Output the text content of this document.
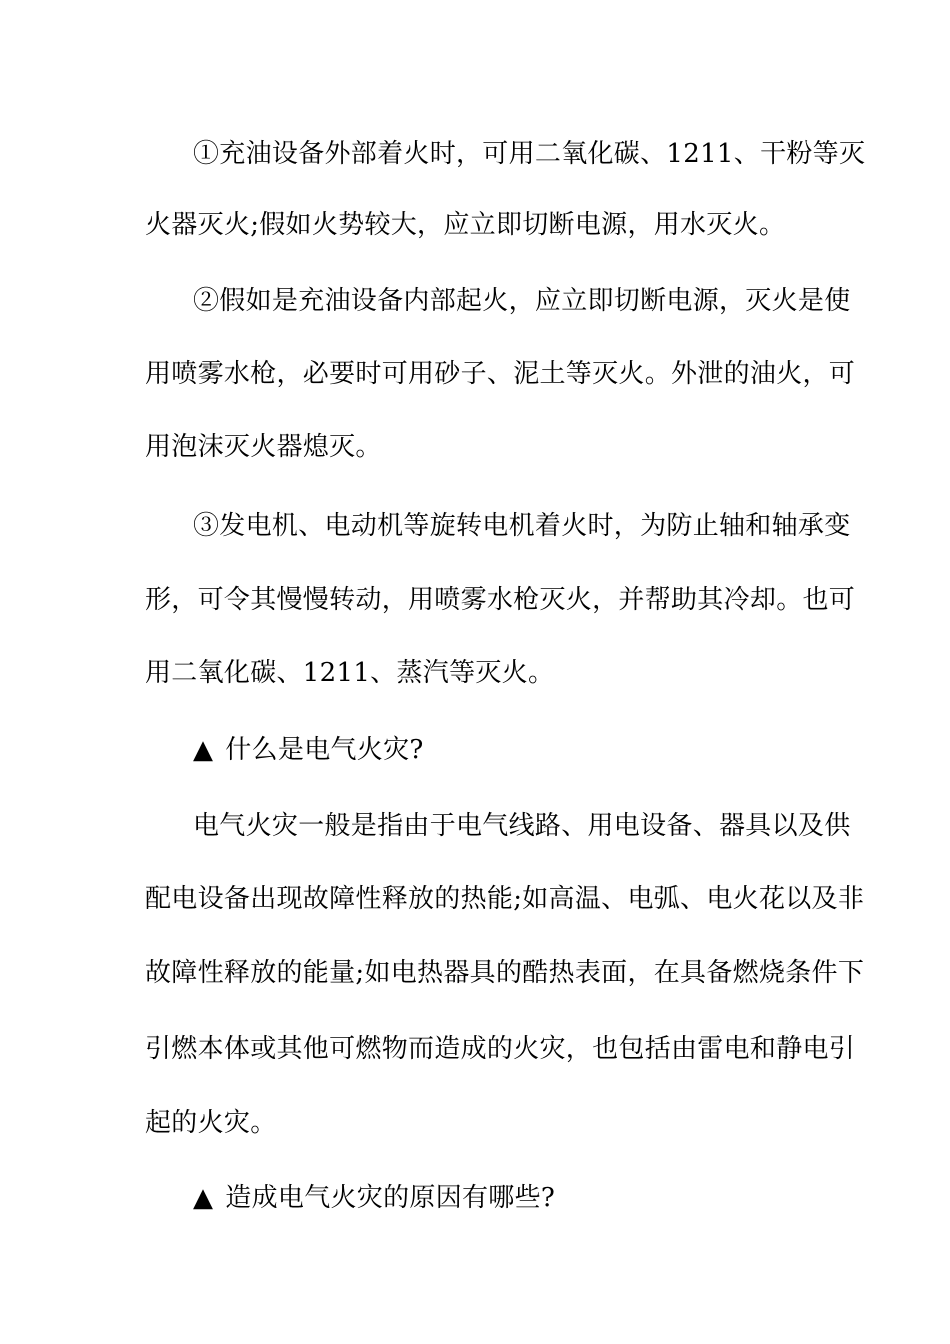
①充油设备外部着火时，可用二氧化碳、1211、干粉等灭
火器灭火;假如火势较大，应立即切断电源，用水灭火。
②假如是充油设备内部起火，应立即切断电源，灭火是使
用喷雾水枪，必要时可用砂子、泥土等灭火。外泄的油火，可
用泡沫灭火器熄灭。
③发电机、电动机等旋转电机着火时，为防止轴和轴承变
形，可令其慢慢转动，用喷雾水枪灭火，并帮助其冷却。也可
用二氧化碳、1211、蒸汽等灭火。
▲ 什么是电气火灾?
电气火灾一般是指由于电气线路、用电设备、器具以及供
配电设备出现故障性释放的热能;如高温、电弧、电火花以及非
故障性释放的能量;如电热器具的酷热表面，在具备燃烧条件下
引燃本体或其他可燃物而造成的火灾，也包括由雷电和静电引
起的火灾。
▲ 造成电气火灾的原因有哪些?
